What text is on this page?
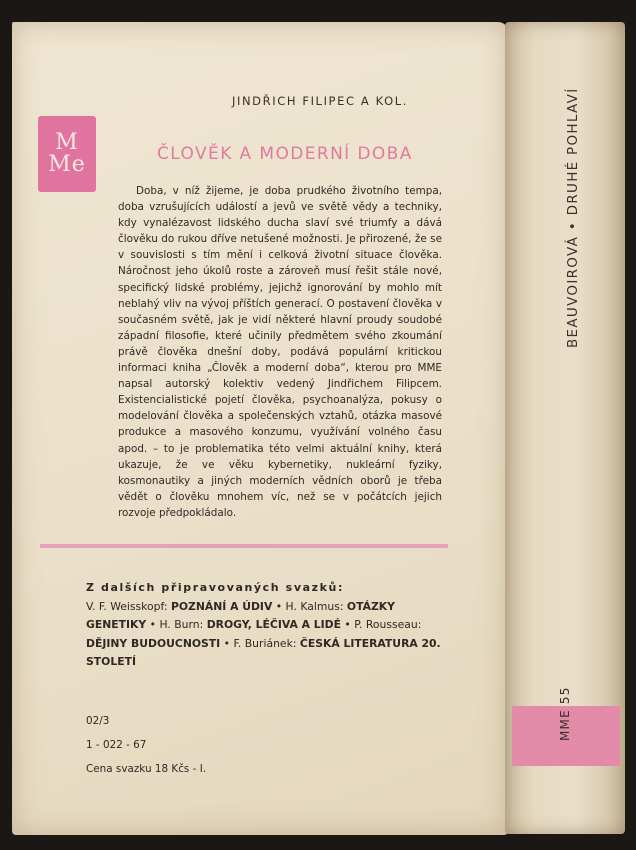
JINDŘICH FILIPEC A KOL.
M
Me	ČLOVĚK A MODERNÍ DOBA
Doba, v níž žijeme, je doba prudkého životního tempa, doba vzrušujících událostí a jevů ve světě vědy a techniky, kdy vynalézavost lidského ducha slaví své triumfy a dává člověku do rukou dříve netušené možnosti. Je přirozené, že se v souvislosti s tím mění i celková životní situace člověka. Náročnost jeho úkolů roste a zároveň musí řešit stále nové, specifický lidské problémy, jejichž ignorování by mohlo mít neblahý vliv na vývoj příštích generací. O postavení člověka v současném světě, jak je vidí některé hlavní proudy soudobé západní filosofie, které učinily předmětem svého zkoumání právě člověka dnešní doby, podává populární kritickou informaci kniha „Člověk a moderní doba“, kterou pro MME napsal autorský kolektiv vedený Jindřichem Filipcem. Existencialistické pojetí člověka, psychoanalýza, pokusy o modelování člověka a společenských vztahů, otázka masové produkce a masového konzumu, využívání volného času apod. – to je problematika této velmi aktuální knihy, která ukazuje, že ve věku kybernetiky, nukleární fyziky, kosmonautiky a jiných moderních vědních oborů je třeba vědět o člověku mnohem víc, než se v počátcích jejich rozvoje předpokládalo.
Z dalších připravovaných svazků:
V. F. Weisskopf: POZNÁNÍ A ÚDIV • H. Kalmus: OTÁZKY GENETIKY • H. Burn: DROGY, LÉČIVA A LIDÉ • P. Rousseau: DĚJINY BUDOUCNOSTI • F. Buriánek: ČESKÁ LITERATURA 20. STOLETÍ
02/3
1 - 022 - 67
Cena svazku 18 Kčs - I.
BEAUVOIROVÁ • DRUHÉ POHLAVÍ
MME 55
